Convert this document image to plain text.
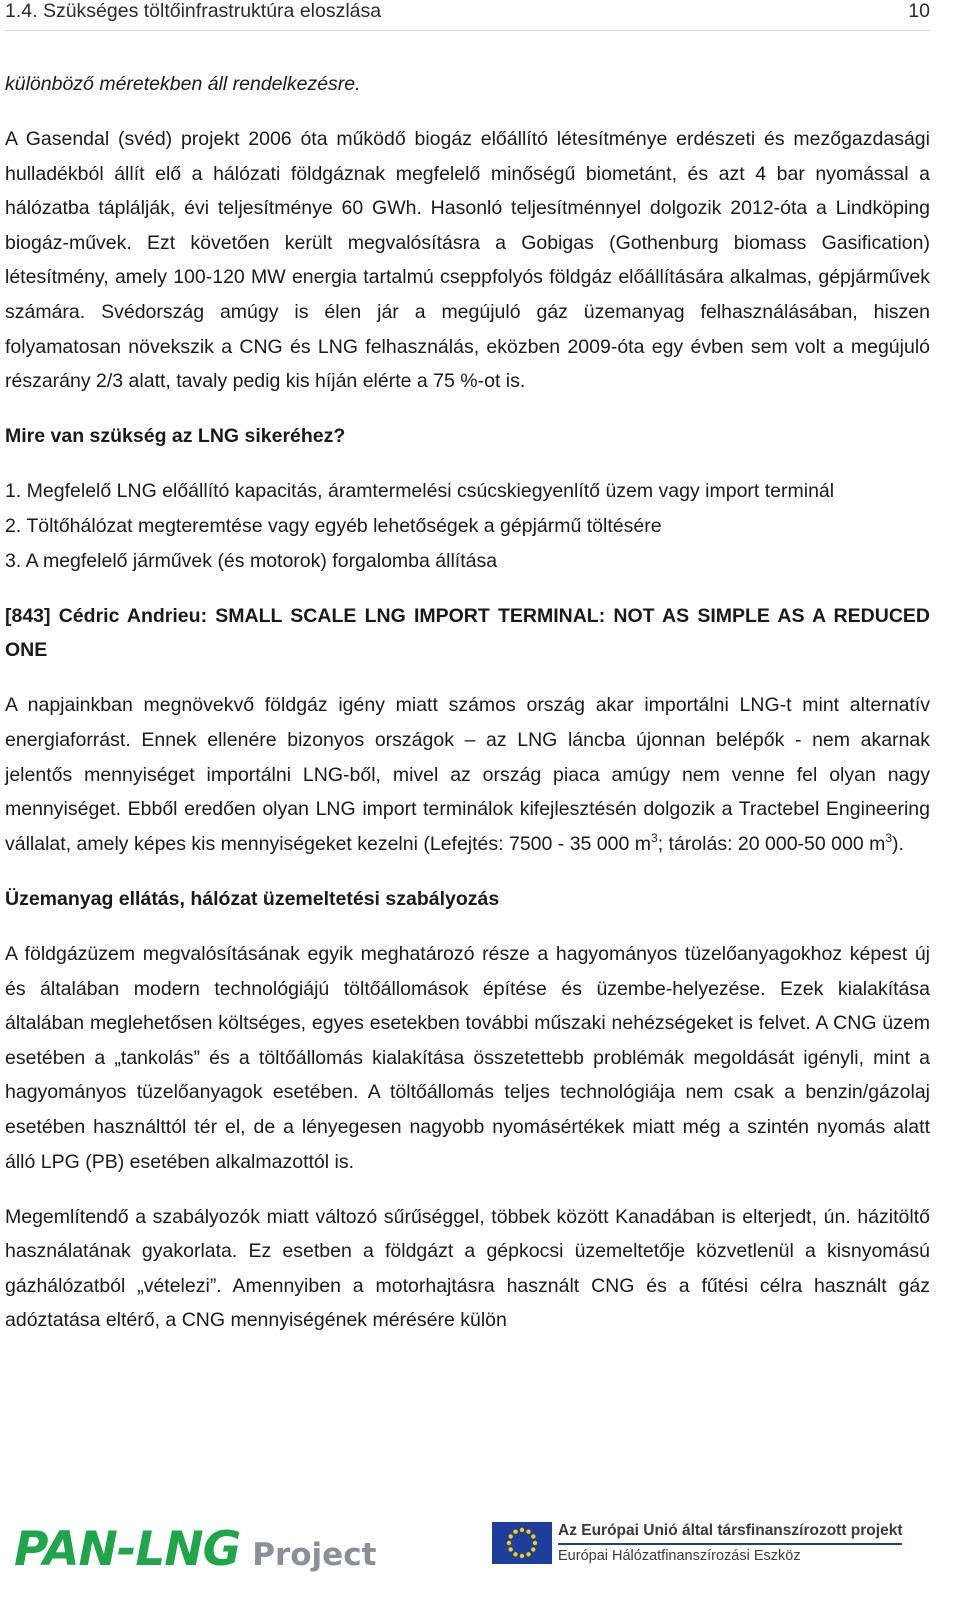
1.4. Szükséges töltőinfrastruktúra eloszlása	10
különböző méretekben áll rendelkezésre.
A Gasendal (svéd) projekt 2006 óta működő biogáz előállító létesítménye erdészeti és mezőgazdasági hulladékból állít elő a hálózati földgáznak megfelelő minőségű biometánt, és azt 4 bar nyomással a hálózatba táplálják, évi teljesítménye 60 GWh. Hasonló teljesítménnyel dolgozik 2012-óta a Lindköping biogáz-művek. Ezt követően került megvalósításra a Gobigas (Gothenburg biomass Gasification) létesítmény, amely 100-120 MW energia tartalmú cseppfolyós földgáz előállítására alkalmas, gépjárművek számára. Svédország amúgy is élen jár a megújuló gáz üzemanyag felhasználásában, hiszen folyamatosan növekszik a CNG és LNG felhasználás, eközben 2009-óta egy évben sem volt a megújuló részarány 2/3 alatt, tavaly pedig kis híján elérte a 75 %-ot is.
Mire van szükség az LNG sikeréhez?
1. Megfelelő LNG előállító kapacitás, áramtermelési csúcskiegyenlítő üzem vagy import terminál
2. Töltőhálózat megteremtése vagy egyéb lehetőségek a gépjármű töltésére
3. A megfelelő járművek (és motorok) forgalomba állítása
[843] Cédric Andrieu: SMALL SCALE LNG IMPORT TERMINAL: NOT AS SIMPLE AS A REDUCED ONE
A napjainkban megnövekvő földgáz igény miatt számos ország akar importálni LNG-t mint alternatív energiaforrást. Ennek ellenére bizonyos országok – az LNG láncba újonnan belépők - nem akarnak jelentős mennyiséget importálni LNG-ből, mivel az ország piaca amúgy nem venne fel olyan nagy mennyiséget. Ebből eredően olyan LNG import terminálok kifejlesztésén dolgozik a Tractebel Engineering vállalat, amely képes kis mennyiségeket kezelni (Lefejtés: 7500 - 35 000 $m^3$; tárolás: 20 000-50 000 $m^3$).
Üzemanyag ellátás, hálózat üzemeltetési szabályozás
A földgázüzem megvalósításának egyik meghatározó része a hagyományos tüzelőanyagokhoz képest új és általában modern technológiájú töltőállomások építése és üzembe-helyezése. Ezek kialakítása általában meglehetősen költséges, egyes esetekben további műszaki nehézségeket is felvet. A CNG üzem esetében a „tankolás” és a töltőállomás kialakítása összetettebb problémák megoldását igényli, mint a hagyományos tüzelőanyagok esetében. A töltőállomás teljes technológiája nem csak a benzin/gázolaj esetében használttól tér el, de a lényegesen nagyobb nyomásértékek miatt még a szintén nyomás alatt álló LPG (PB) esetében alkalmazottól is.
Megemlítendő a szabályozók miatt változó sűrűséggel, többek között Kanadában is elterjedt, ún. házitöltő használatának gyakorlata. Ez esetben a földgázt a gépkocsi üzemeltetője közvetlenül a kisnyomású gázhálózatból „vételezi”. Amennyiben a motorhajtásra használt CNG és a fűtési célra használt gáz adóztatása eltérő, a CNG mennyiségének mérésére külön
PAN-LNG Project
Az Európai Unió által társfinanszírozott projekt
Európai Hálózatfinanszírozási Eszköz
